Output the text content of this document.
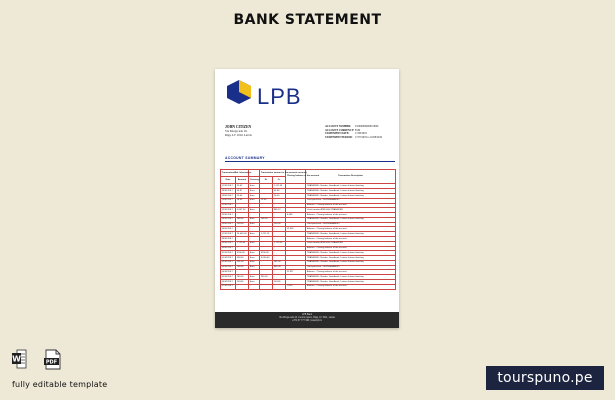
BANK STATEMENT
LPB
JOHN CITIZEN
Via Morga iela 10,
Riga, LV 1010, Latvia
ACCOUNT NUMBER: LV00000000000 0000
ACCOUNT CURRENCY:EUR
STATEMENT DATE: 17/08/2019
STATEMENT PERIOD: 17/07/2019 to 16/08/2019
ACCOUNT SUMMARY
Transaction/Bal. Information			Transaction amount in the account currency		Closing balance of the account	Transaction Description
Date	Amount	Currency	Dr	Cr		
17/01/2017	25.42	Euro	-	1,111.18		TRANSFER - Nordea, Swedbank, Latvian Internet banking
18/01/2017	58.87	Euro	-	45.98		TRANSFER - Nordea, Swedbank, Latvian Internet banking
19/01/2017	20.00	Euro	-	20.00		TRANSFER - Nordea, Swedbank, Latvian Internet banking
20/01/2017	18.00	Euro	15.00	-		Card purchase - SUPERMARKET
21/01/2017	-	-	-	-		Balance - Closing balance of the account
22/01/2017	4,657.50	Euro	-	986.12		Cash transfer ATM 0000 TRANSFER
23/01/2017	-	-	-	-	4,468	Balance - Closing balance of the account
24/01/2017	188.00	Euro	188.00	-		TRANSFER - Nordea, Swedbank, Latvian Internet banking
25/01/2017	200.00	Euro	-	200.00		Card purchase - SUPERMARKET
26/01/2017	-	-	-	-	12,542	Balance - Closing balance of the account
27/01/2017	14,000.00	Euro	1,211.15	-		TRANSFER - Nordea, Swedbank, Latvian Internet banking
28/01/2017	-	-	-	-		Balance - Closing balance of the account
29/01/2017	1,711.00	Euro	-	1,711.00		Cash transfer ATM 0000 TRANSFER
30/01/2017	-	-	-	-		Balance - Closing balance of the account
31/01/2017	3700.00	Euro	3700.00	-		TRANSFER - Nordea, Swedbank, Latvian Internet banking
01/02/2017	458.00	Euro	5,000.00	-		TRANSFER - Nordea, Swedbank, Latvian Internet banking
02/02/2017	191.00	Euro	-	181.00		TRANSFER - Nordea, Swedbank, Latvian Internet banking
03/02/2017	780.00	Euro	-	980.00		Card purchase - SUPERMARKET
04/02/2017	-	-	-	-	11,927	Balance - Closing balance of the account
05/02/2017	280.00	Euro	290.00	-		TRANSFER - Nordea, Swedbank, Latvian Internet banking
06/02/2017	103.45	Euro	-	103.45		TRANSFER - Nordea, Swedbank, Latvian Internet banking
07/02/2017	-	-	-	-	7,816	Balance - Closing balance of the account
LPB Bank
Via Morga iela 10, Centrs rajons, Riga, LV 1011, Latvia
+371 67 777 999 | www.lpb.lv
W	PDF
fully editable template	tourspuno.pe
